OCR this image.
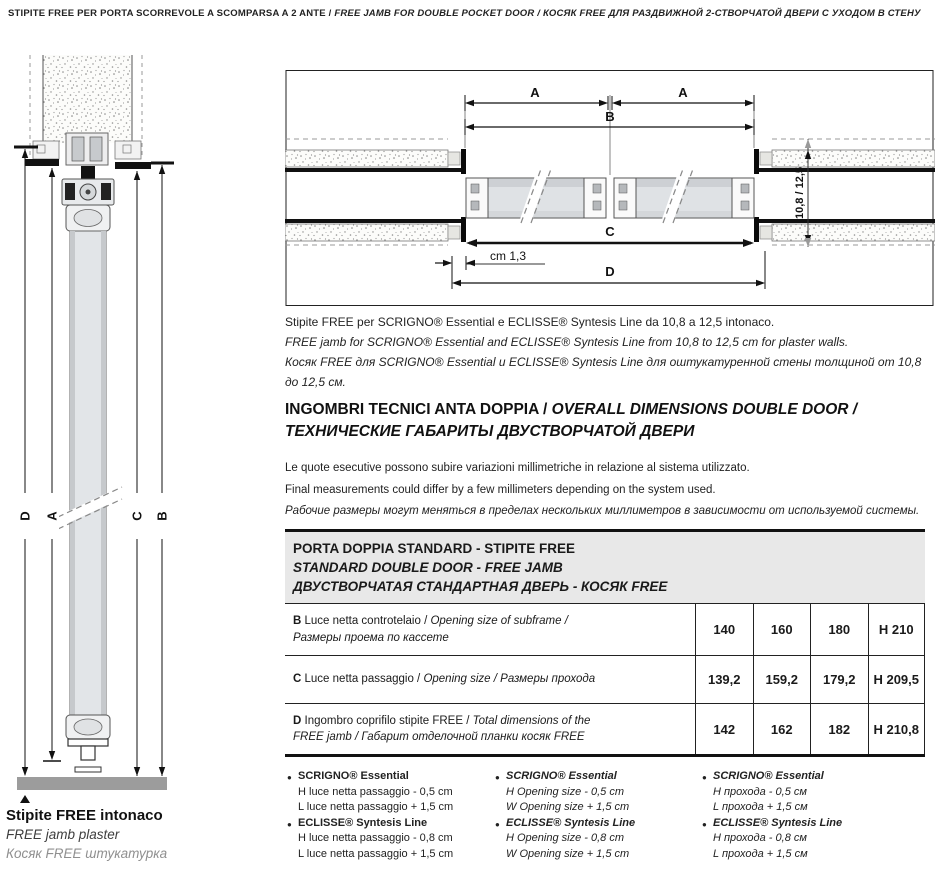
STIPITE FREE PER PORTA SCORREVOLE A SCOMPARSA A 2 ANTE / FREE JAMB FOR DOUBLE POCKET DOOR / КОСЯК FREE ДЛЯ РАЗДВИЖНОЙ 2-СТВОРЧАТОЙ ДВЕРИ С УХОДОМ В СТЕНУ
D A	C B
A	A
B
C
cm 1,3
D
10,8 / 12,5
Stipite FREE per SCRIGNO® Essential e ECLISSE® Syntesis Line da 10,8 a 12,5 intonaco.
FREE jamb for SCRIGNO® Essential and ECLISSE® Syntesis Line from 10,8 to 12,5 cm for plaster walls.
Косяк FREE для SCRIGNO® Essential и ECLISSE® Syntesis Line для оштукатуренной стены толщиной от 10,8 до 12,5 см.
INGOMBRI TECNICI ANTA DOPPIA / OVERALL DIMENSIONS DOUBLE DOOR /
ТЕХНИЧЕСКИЕ ГАБАРИТЫ ДВУСТВОРЧАТОЙ ДВЕРИ
Le quote esecutive possono subire variazioni millimetriche in relazione al sistema utilizzato.
Final measurements could differ by a few millimeters depending on the system used.
Рабочие размеры могут меняться в пределах нескольких миллиметров в зависимости от используемой системы.
PORTA DOPPIA STANDARD - STIPITE FREE
STANDARD DOUBLE DOOR - FREE JAMB
ДВУСТВОРЧАТАЯ СТАНДАРТНАЯ ДВЕРЬ - КОСЯК FREE
B Luce netta controtelaio / Opening size of subframe /
Размеры проема по кассете
140	160	180	H 210
C Luce netta passaggio / Opening size / Размеры прохода	139,2	159,2	179,2	H 209,5
D Ingombro coprifilo stipite FREE / Total dimensions of the
FREE jamb / Габарит отделочной планки косяк FREE
142	162	182	H 210,8
● SCRIGNO® Essential
H luce netta passaggio - 0,5 cm
L luce netta passaggio + 1,5 cm
● ECLISSE® Syntesis Line
H luce netta passaggio - 0,8 cm
L luce netta passaggio + 1,5 cm
● SCRIGNO® Essential
H Opening size - 0,5 cm
W Opening size + 1,5 cm
● ECLISSE® Syntesis Line
H Opening size - 0,8 cm
W Opening size + 1,5 cm
● SCRIGNO® Essential
H прохода - 0,5 см
L прохода + 1,5 см
● ECLISSE® Syntesis Line
H прохода - 0,8 см
L прохода + 1,5 см
Stipite FREE intonaco
FREE jamb plaster
Косяк FREE штукатурка
